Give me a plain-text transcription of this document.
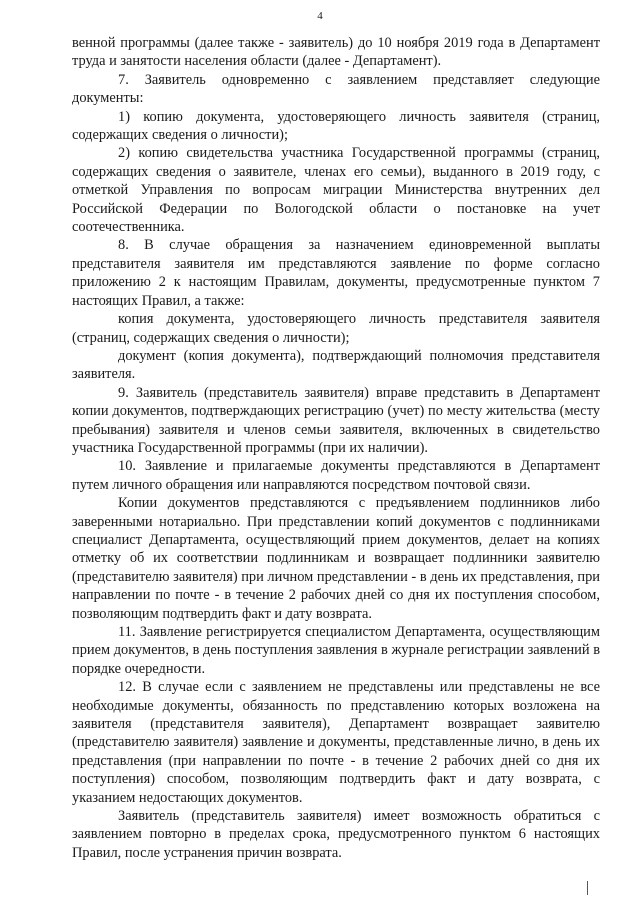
4

венной программы (далее также - заявитель) до 10 ноября 2019 года в Департамент труда и занятости населения области (далее - Департамент).

7. Заявитель одновременно с заявлением представляет следующие документы:

1) копию документа, удостоверяющего личность заявителя (страниц, содержащих сведения о личности);

2) копию свидетельства участника Государственной программы (страниц, содержащих сведения о заявителе, членах его семьи), выданного в 2019 году, с отметкой Управления по вопросам миграции Министерства внутренних дел Российской Федерации по Вологодской области о постановке на учет соотечественника.

8. В случае обращения за назначением единовременной выплаты представителя заявителя им представляются заявление по форме согласно приложению 2 к настоящим Правилам, документы, предусмотренные пунктом 7 настоящих Правил, а также:

копия документа, удостоверяющего личность представителя заявителя (страниц, содержащих сведения о личности);

документ (копия документа), подтверждающий полномочия представителя заявителя.

9. Заявитель (представитель заявителя) вправе представить в Департамент копии документов, подтверждающих регистрацию (учет) по месту жительства (месту пребывания) заявителя и членов семьи заявителя, включенных в свидетельство участника Государственной программы (при их наличии).

10. Заявление и прилагаемые документы представляются в Департамент путем личного обращения или направляются посредством почтовой связи.

Копии документов представляются с предъявлением подлинников либо заверенными нотариально. При представлении копий документов с подлинниками специалист Департамента, осуществляющий прием документов, делает на копиях отметку об их соответствии подлинникам и возвращает подлинники заявителю (представителю заявителя) при личном представлении - в день их представления, при направлении по почте - в течение 2 рабочих дней со дня их поступления способом, позволяющим подтвердить факт и дату возврата.

11. Заявление регистрируется специалистом Департамента, осуществляющим прием документов, в день поступления заявления в журнале регистрации заявлений в порядке очередности.

12. В случае если с заявлением не представлены или представлены не все необходимые документы, обязанность по представлению которых возложена на заявителя (представителя заявителя), Департамент возвращает заявителю (представителю заявителя) заявление и документы, представленные лично, в день их представления (при направлении по почте - в течение 2 рабочих дней со дня их поступления) способом, позволяющим подтвердить факт и дату возврата, с указанием недостающих документов.

Заявитель (представитель заявителя) имеет возможность обратиться с заявлением повторно в пределах срока, предусмотренного пунктом 6 настоящих Правил, после устранения причин возврата.
